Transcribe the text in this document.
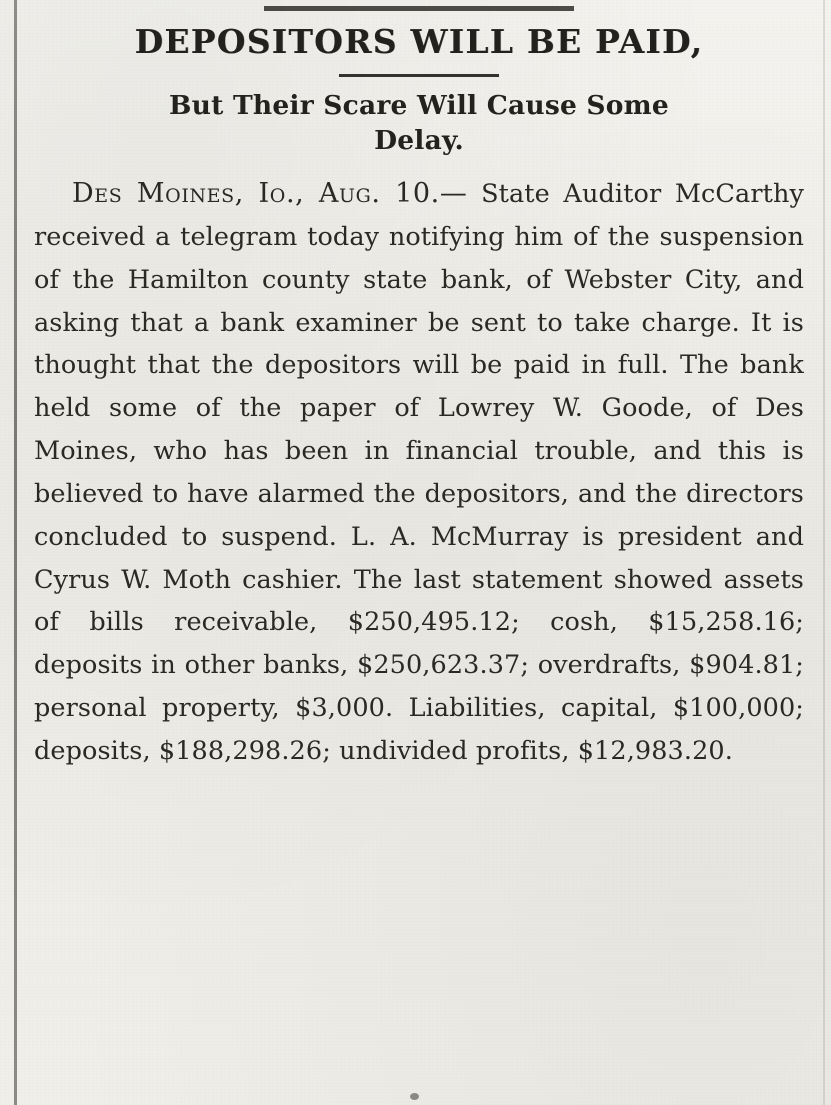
DEPOSITORS WILL BE PAID,
But Their Scare Will Cause Some
Delay.

Des Moines, Io., Aug. 10.— State Auditor McCarthy received a telegram today notifying him of the suspension of the Hamilton county state bank, of Webster City, and asking that a bank examiner be sent to take charge. It is thought that the depositors will be paid in full. The bank held some of the paper of Lowrey W. Goode, of Des Moines, who has been in financial trouble, and this is believed to have alarmed the depositors, and the directors concluded to suspend. L. A. McMurray is president and Cyrus W. Moth cashier. The last statement showed assets of bills receivable, $250,495.12; cosh, $15,258.16; deposits in other banks, $250,623.37; overdrafts, $904.81; personal property, $3,000. Liabilities, capital, $100,000; deposits, $188,298.26; undivided profits, $12,983.20.
